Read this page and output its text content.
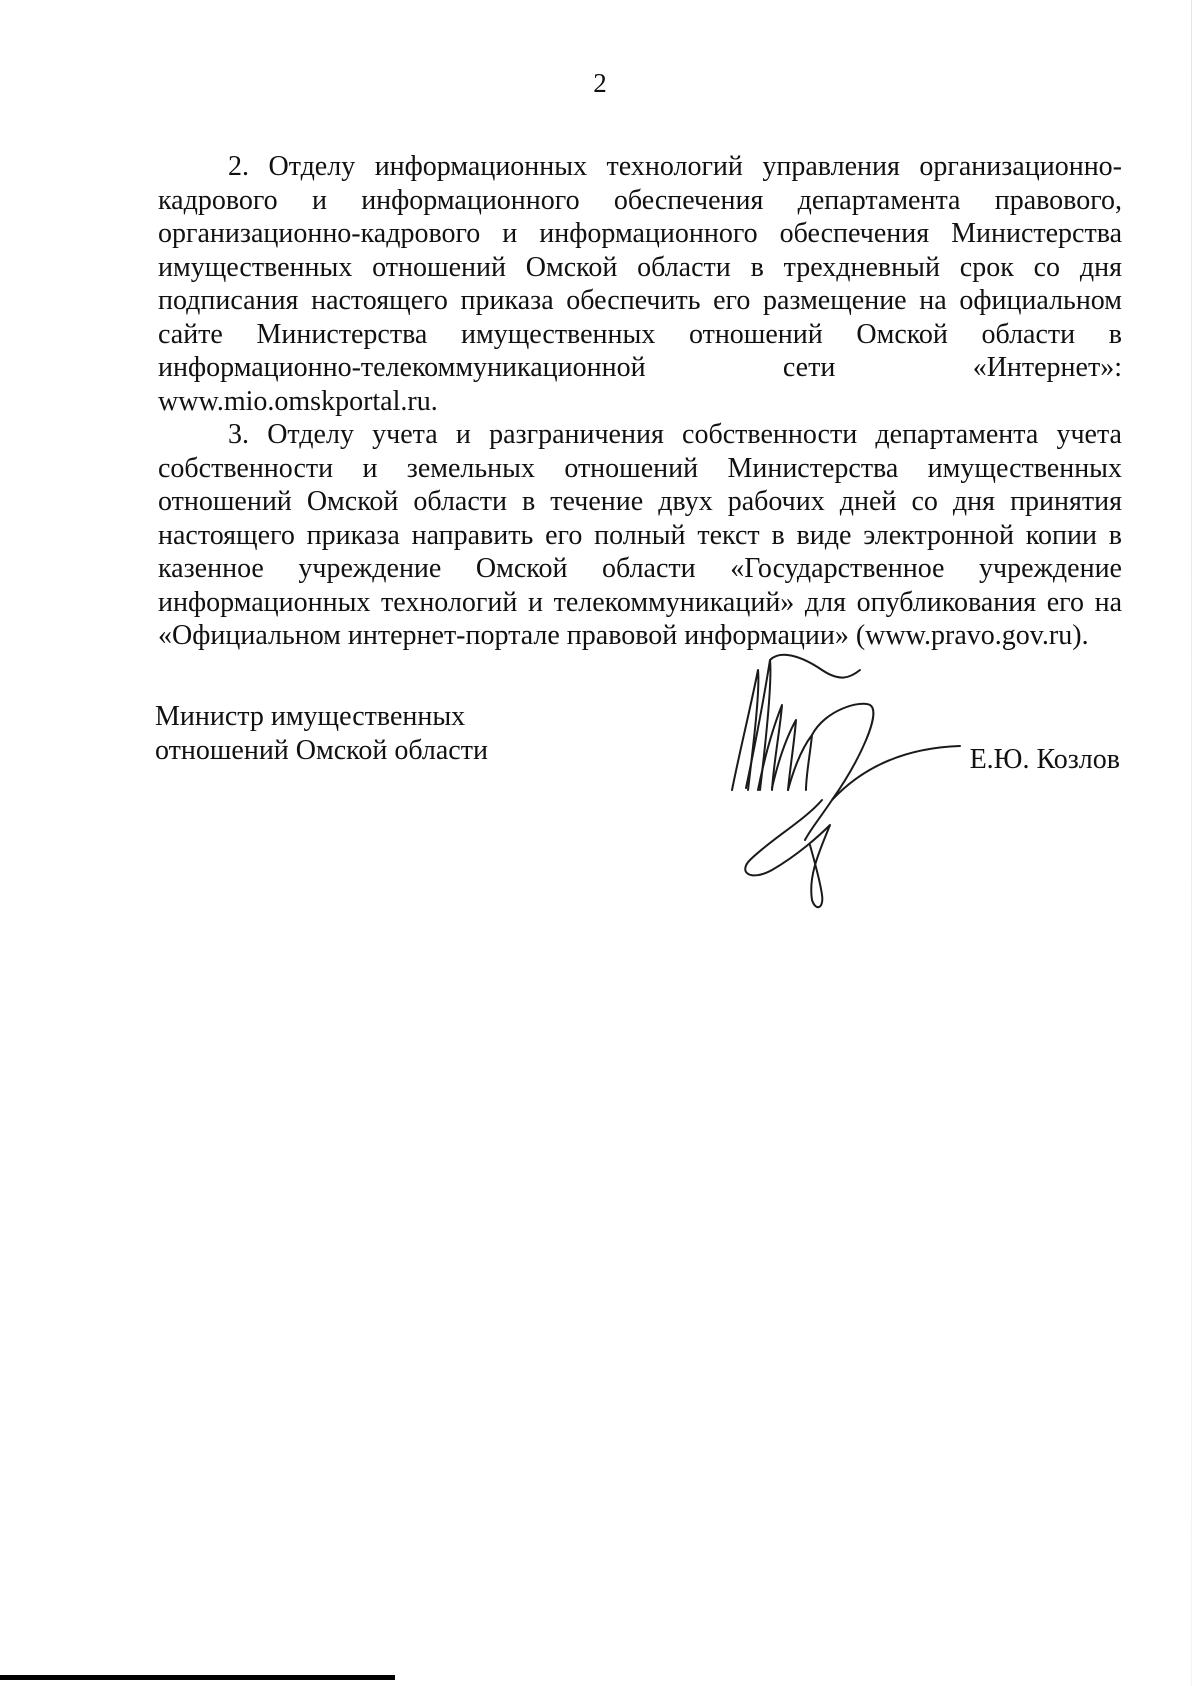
2

2. Отделу информационных технологий управления организационно-кадрового и информационного обеспечения департамента правового, организационно-кадрового и информационного обеспечения Министерства имущественных отношений Омской области в трехдневный срок со дня подписания настоящего приказа обеспечить его размещение на официальном сайте Министерства имущественных отношений Омской области в информационно-телекоммуникационной сети «Интернет»: www.mio.omskportal.ru.

3. Отделу учета и разграничения собственности департамента учета собственности и земельных отношений Министерства имущественных отношений Омской области в течение двух рабочих дней со дня принятия настоящего приказа направить его полный текст в виде электронной копии в казенное учреждение Омской области «Государственное учреждение информационных технологий и телекоммуникаций» для опубликования его на «Официальном интернет-портале правовой информации» (www.pravo.gov.ru).

Министр имущественных
отношений Омской области	Е.Ю. Козлов
